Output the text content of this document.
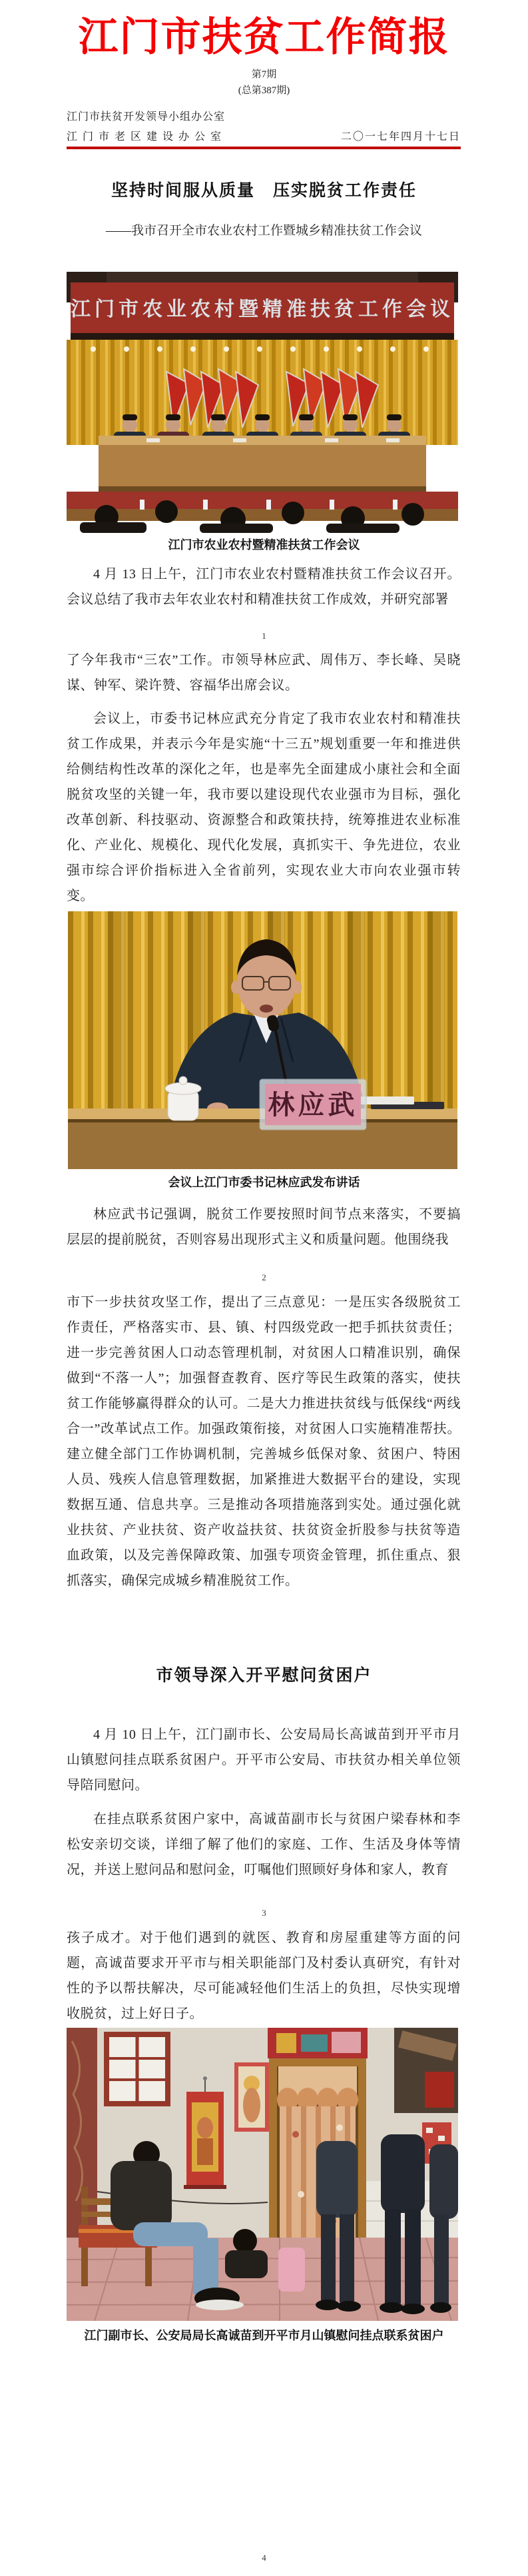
江门市扶贫工作简报
第7期
(总第387期)
江门市扶贫开发领导小组办公室
江门市老区建设办公室	二〇一七年四月十七日
坚持时间服从质量　压实脱贫工作责任
——我市召开全市农业农村工作暨城乡精准扶贫工作会议
江门市农业农村暨精准扶贫工作会议
江门市农业农村暨精准扶贫工作会议

4 月 13 日上午，江门市农业农村暨精准扶贫工作会议召开。会议总结了我市去年农业农村和精准扶贫工作成效，并研究部署

1

了今年我市“三农”工作。市领导林应武、周伟万、李长峰、吴晓谋、钟军、梁许赞、容福华出席会议。

会议上，市委书记林应武充分肯定了我市农业农村和精准扶贫工作成果，并表示今年是实施“十三五”规划重要一年和推进供给侧结构性改革的深化之年，也是率先全面建成小康社会和全面脱贫攻坚的关键一年，我市要以建设现代农业强市为目标，强化改革创新、科技驱动、资源整合和政策扶持，统筹推进农业标准化、产业化、规模化、现代化发展，真抓实干、争先进位，农业强市综合评价指标进入全省前列，实现农业大市向农业强市转变。

林应武
会议上江门市委书记林应武发布讲话

林应武书记强调，脱贫工作要按照时间节点来落实，不要搞层层的提前脱贫，否则容易出现形式主义和质量问题。他围绕我

2

市下一步扶贫攻坚工作，提出了三点意见：一是压实各级脱贫工作责任，严格落实市、县、镇、村四级党政一把手抓扶贫责任；进一步完善贫困人口动态管理机制，对贫困人口精准识别，确保做到“不落一人”；加强督查教育、医疗等民生政策的落实，使扶贫工作能够赢得群众的认可。二是大力推进扶贫线与低保线“两线合一”改革试点工作。加强政策衔接，对贫困人口实施精准帮扶。建立健全部门工作协调机制，完善城乡低保对象、贫困户、特困人员、残疾人信息管理数据，加紧推进大数据平台的建设，实现数据互通、信息共享。三是推动各项措施落到实处。通过强化就业扶贫、产业扶贫、资产收益扶贫、扶贫资金折股参与扶贫等造血政策，以及完善保障政策、加强专项资金管理，抓住重点、狠抓落实，确保完成城乡精准脱贫工作。

市领导深入开平慰问贫困户

4 月 10 日上午，江门副市长、公安局局长高诚苗到开平市月山镇慰问挂点联系贫困户。开平市公安局、市扶贫办相关单位领导陪同慰问。

在挂点联系贫困户家中，高诚苗副市长与贫困户梁春林和李松安亲切交谈，详细了解了他们的家庭、工作、生活及身体等情况，并送上慰问品和慰问金，叮嘱他们照顾好身体和家人，教育

3

孩子成才。对于他们遇到的就医、教育和房屋重建等方面的问题，高诚苗要求开平市与相关职能部门及村委认真研究，有针对性的予以帮扶解决，尽可能减轻他们生活上的负担，尽快实现增收脱贫，过上好日子。

江门副市长、公安局局长高诚苗到开平市月山镇慰问挂点联系贫困户
4
